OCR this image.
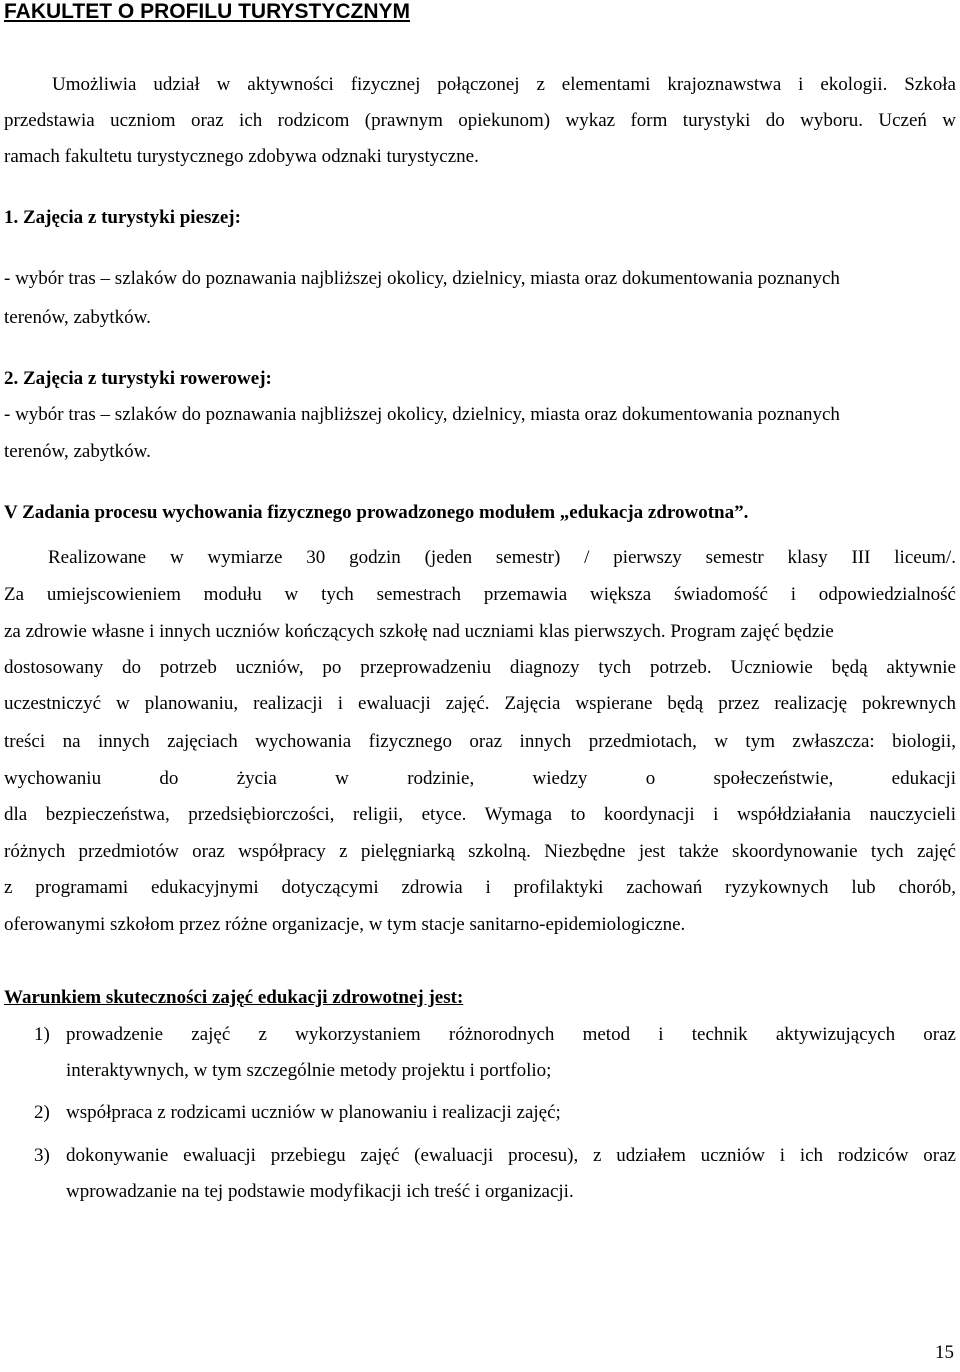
FAKULTET O PROFILU TURYSTYCZNYM
Umożliwia udział w aktywności fizycznej połączonej z elementami krajoznawstwa i ekologii. Szkoła
przedstawia uczniom oraz ich rodzicom (prawnym opiekunom) wykaz form turystyki do wyboru. Uczeń w
ramach fakultetu turystycznego zdobywa odznaki turystyczne.
1. Zajęcia z turystyki pieszej:
- wybór tras – szlaków do poznawania najbliższej okolicy, dzielnicy, miasta oraz dokumentowania poznanych
terenów, zabytków.
2. Zajęcia z turystyki rowerowej:
- wybór tras – szlaków do poznawania najbliższej okolicy, dzielnicy, miasta oraz dokumentowania poznanych
terenów, zabytków.
V Zadania procesu wychowania fizycznego prowadzonego modułem „edukacja zdrowotna”.
Realizowane w wymiarze 30 godzin (jeden semestr) / pierwszy semestr klasy III liceum/.
Za umiejscowieniem modułu w tych semestrach przemawia większa świadomość i odpowiedzialność
za zdrowie własne i innych uczniów kończących szkołę nad uczniami klas pierwszych. Program zajęć będzie
dostosowany do potrzeb uczniów, po przeprowadzeniu diagnozy tych potrzeb. Uczniowie będą aktywnie
uczestniczyć w planowaniu, realizacji i ewaluacji zajęć. Zajęcia wspierane będą przez realizację pokrewnych
treści na innych zajęciach wychowania fizycznego oraz innych przedmiotach, w tym zwłaszcza: biologii,
wychowaniu do życia w rodzinie, wiedzy o społeczeństwie, edukacji
dla bezpieczeństwa, przedsiębiorczości, religii, etyce. Wymaga to koordynacji i współdziałania nauczycieli
różnych przedmiotów oraz współpracy z pielęgniarką szkolną. Niezbędne jest także skoordynowanie tych zajęć
z programami edukacyjnymi dotyczącymi zdrowia i profilaktyki zachowań ryzykownych lub chorób,
oferowanymi szkołom przez różne organizacje, w tym stacje sanitarno-epidemiologiczne.
Warunkiem skuteczności zajęć edukacji zdrowotnej jest:
1) prowadzenie zajęć z wykorzystaniem różnorodnych metod i technik aktywizujących oraz
interaktywnych, w tym szczególnie metody projektu i portfolio;
2) współpraca z rodzicami uczniów w planowaniu i realizacji zajęć;
3) dokonywanie ewaluacji przebiegu zajęć (ewaluacji procesu), z udziałem uczniów i ich rodziców oraz
wprowadzanie na tej podstawie modyfikacji ich treść i organizacji.
15
